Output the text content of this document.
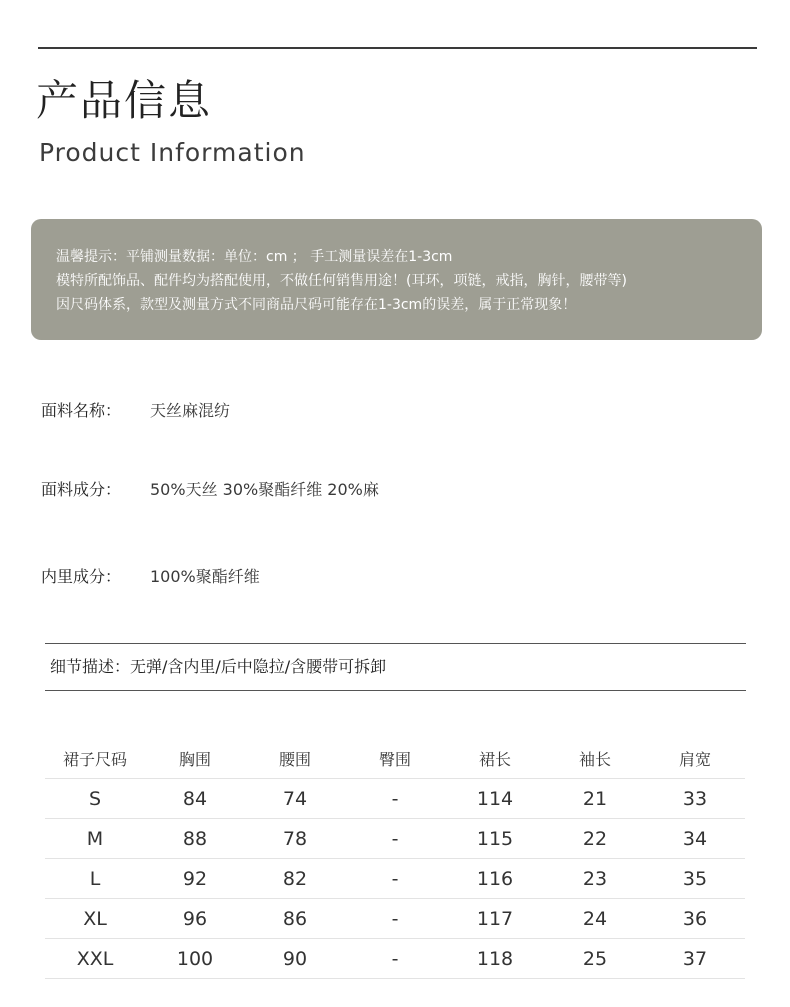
产品信息
Product Information
温馨提示：平铺测量数据：单位：cm ； 手工测量误差在1-3cm
模特所配饰品、配件均为搭配使用，不做任何销售用途！(耳环，项链，戒指，胸针，腰带等)
因尺码体系，款型及测量方式不同商品尺码可能存在1-3cm的误差，属于正常现象！
面料名称： 天丝麻混纺
面料成分： 50%天丝 30%聚酯纤维 20%麻
内里成分： 100%聚酯纤维
细节描述：无弹/含内里/后中隐拉/含腰带可拆卸
裙子尺码	胸围	腰围	臀围	裙长	袖长	肩宽
S	84	74	-	114	21	33
M	88	78	-	115	22	34
L	92	82	-	116	23	35
XL	96	86	-	117	24	36
XXL	100	90	-	118	25	37
